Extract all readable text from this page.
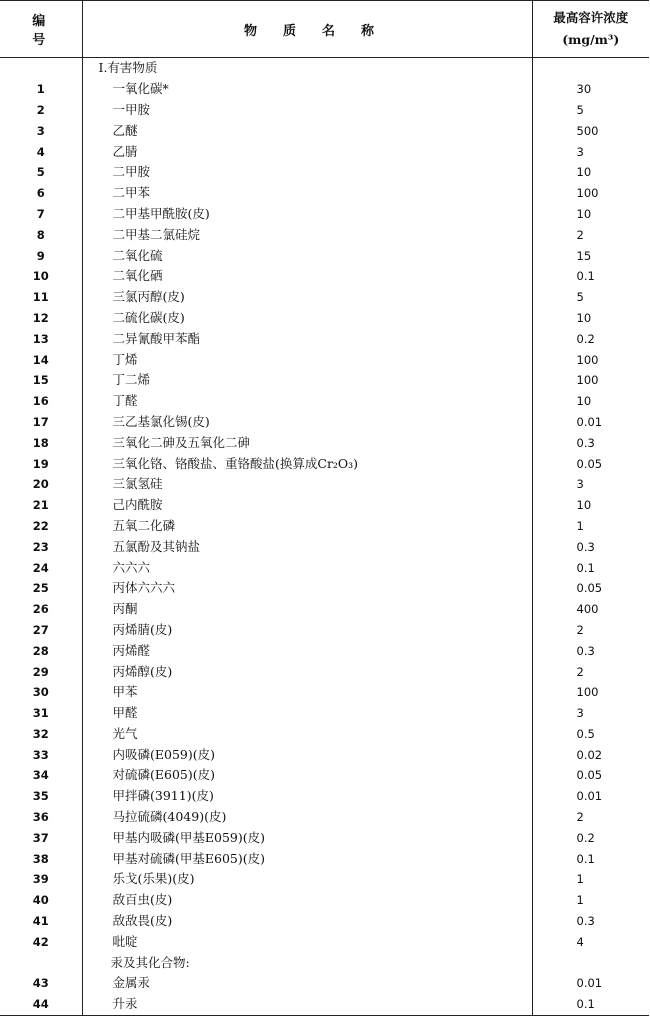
编号	物质名称	最高容许浓度
(mg/m³)

	Ⅰ.有害物质	
1	一氧化碳*	30
2	一甲胺	5
3	乙醚	500
4	乙腈	3
5	二甲胺	10
6	二甲苯	100
7	二甲基甲酰胺(皮)	10
8	二甲基二氯硅烷	2
9	二氧化硫	15
10	二氧化硒	0.1
11	三氯丙醇(皮)	5
12	二硫化碳(皮)	10
13	二异氰酸甲苯酯	0.2
14	丁烯	100
15	丁二烯	100
16	丁醛	10
17	三乙基氯化锡(皮)	0.01
18	三氧化二砷及五氧化二砷	0.3
19	三氧化铬、铬酸盐、重铬酸盐(换算成Cr₂O₃)	0.05
20	三氯氢硅	3
21	己内酰胺	10
22	五氧二化磷	1
23	五氯酚及其钠盐	0.3
24	六六六	0.1
25	丙体六六六	0.05
26	丙酮	400
27	丙烯腈(皮)	2
28	丙烯醛	0.3
29	丙烯醇(皮)	2
30	甲苯	100
31	甲醛	3
32	光气	0.5
33	内吸磷(E059)(皮)	0.02
34	对硫磷(E605)(皮)	0.05
35	甲拌磷(3911)(皮)	0.01
36	马拉硫磷(4049)(皮)	2
37	甲基内吸磷(甲基E059)(皮)	0.2
38	甲基对硫磷(甲基E605)(皮)	0.1
39	乐戈(乐果)(皮)	1
40	敌百虫(皮)	1
41	敌敌畏(皮)	0.3
42	吡啶	4
	汞及其化合物:	
43	金属汞	0.01
44	升汞	0.1
